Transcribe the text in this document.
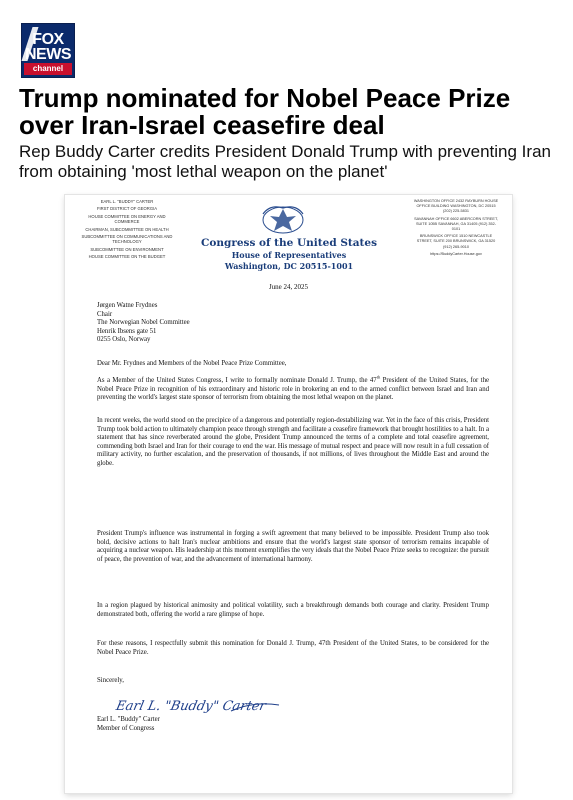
FOX
NEWS
channel
Trump nominated for Nobel Peace Prize over Iran-Israel ceasefire deal

Rep Buddy Carter credits President Donald Trump with preventing Iran from obtaining 'most lethal weapon on the planet'

EARL L. "BUDDY" CARTER
FIRST DISTRICT OF GEORGIA
HOUSE COMMITTEE ON ENERGY AND COMMERCE
CHAIRMAN, SUBCOMMITTEE ON HEALTH
SUBCOMMITTEE ON COMMUNICATIONS AND TECHNOLOGY
SUBCOMMITTEE ON ENVIRONMENT
HOUSE COMMITTEE ON THE BUDGET
Congress of the United States
House of Representatives
Washington, DC 20515-1001
WASHINGTON OFFICE 2432 RAYBURN HOUSE OFFICE BUILDING WASHINGTON, DC 20515 (202) 225-5831
SAVANNAH OFFICE 6602 ABERCORN STREET, SUITE 105B SAVANNAH, GA 31405 (912) 352-0101
BRUNSWICK OFFICE 1510 NEWCASTLE STREET, SUITE 200 BRUNSWICK, GA 31520 (912) 265-9010
https://BuddyCarter.House.gov
June 24, 2025
Jørgen Watne Frydnes
Chair
The Norwegian Nobel Committee
Henrik Ibsens gate 51
0255 Oslo, Norway
Dear Mr. Frydnes and Members of the Nobel Peace Prize Committee,
As a Member of the United States Congress, I write to formally nominate Donald J. Trump, the 47th President of the United States, for the Nobel Peace Prize in recognition of his extraordinary and historic role in brokering an end to the armed conflict between Israel and Iran and preventing the world's largest state sponsor of terrorism from obtaining the most lethal weapon on the planet.
In recent weeks, the world stood on the precipice of a dangerous and potentially region-destabilizing war. Yet in the face of this crisis, President Trump took bold action to ultimately champion peace through strength and facilitate a ceasefire framework that brought hostilities to a halt. In a statement that has since reverberated around the globe, President Trump announced the terms of a complete and total ceasefire agreement, commending both Israel and Iran for their courage to end the war. His message of mutual respect and peace will now result in a full cessation of military activity, no further escalation, and the preservation of thousands, if not millions, of lives throughout the Middle East and around the globe.
President Trump's influence was instrumental in forging a swift agreement that many believed to be impossible. President Trump also took bold, decisive actions to halt Iran's nuclear ambitions and ensure that the world's largest state sponsor of terrorism remains incapable of acquiring a nuclear weapon. His leadership at this moment exemplifies the very ideals that the Nobel Peace Prize seeks to recognize: the pursuit of peace, the prevention of war, and the advancement of international harmony.
In a region plagued by historical animosity and political volatility, such a breakthrough demands both courage and clarity. President Trump demonstrated both, offering the world a rare glimpse of hope.
For these reasons, I respectfully submit this nomination for Donald J. Trump, 47th President of the United States, to be considered for the Nobel Peace Prize.
Sincerely,
Earl L. "Buddy" Carter
Earl L. "Buddy" Carter
Member of Congress
